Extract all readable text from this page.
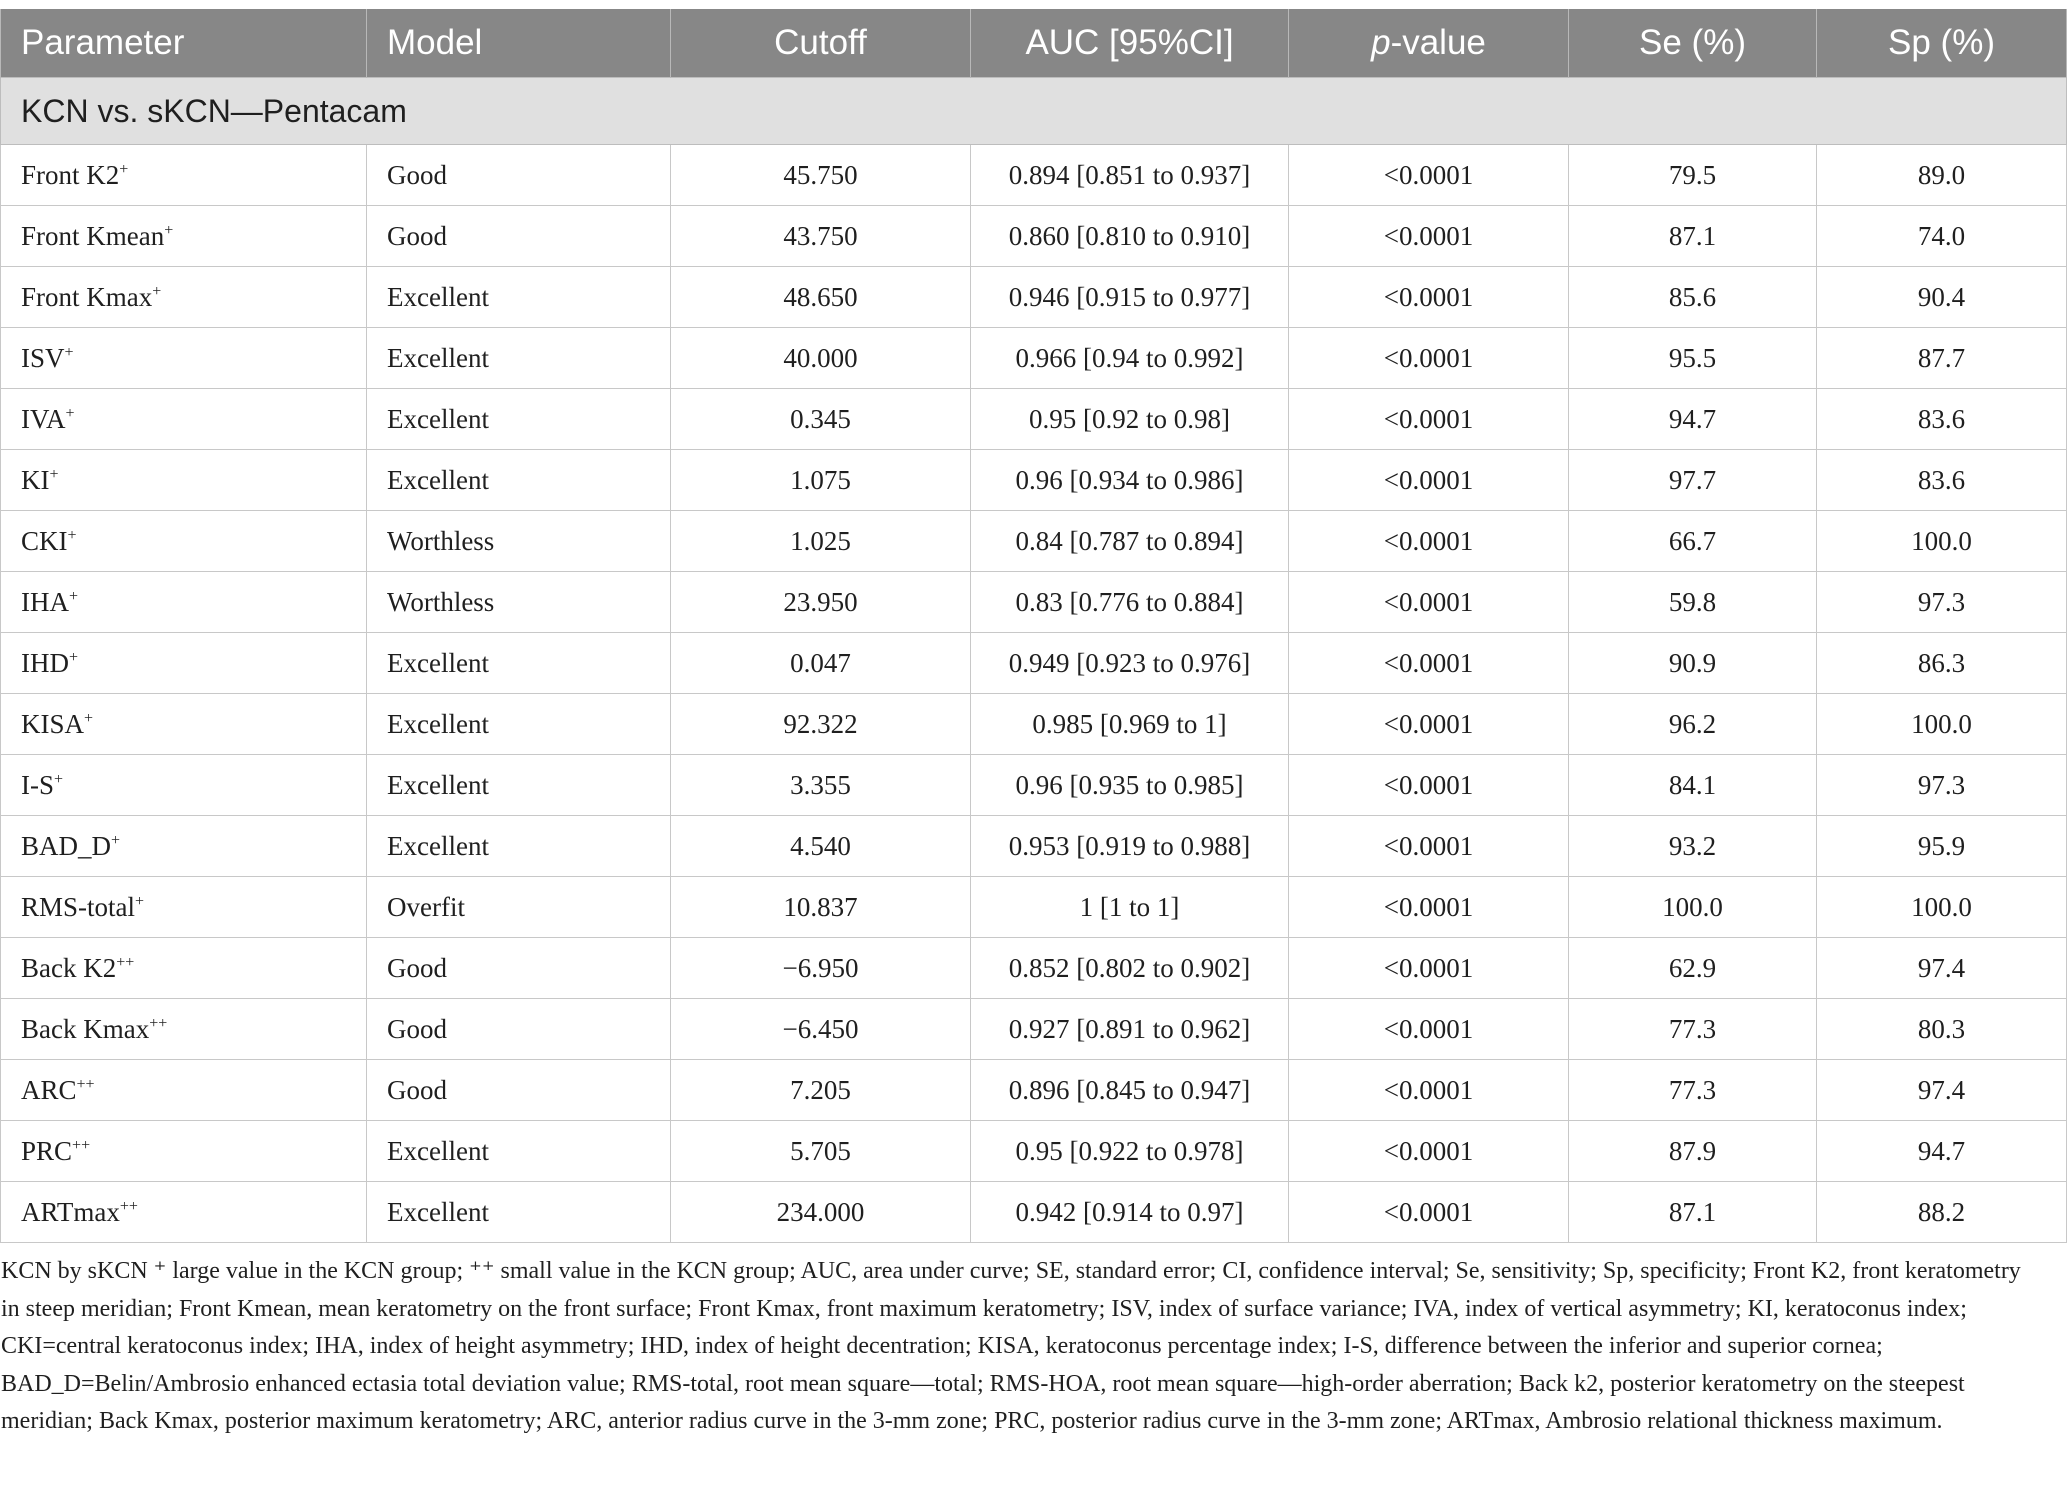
Parameter	Model	Cutoff	AUC [95%CI]	p-value	Se (%)	Sp (%)
KCN vs. sKCN—Pentacam						
Front K2+	Good	45.750	0.894 [0.851 to 0.937]	<0.0001	79.5	89.0
Front Kmean+	Good	43.750	0.860 [0.810 to 0.910]	<0.0001	87.1	74.0
Front Kmax+	Excellent	48.650	0.946 [0.915 to 0.977]	<0.0001	85.6	90.4
ISV+	Excellent	40.000	0.966 [0.94 to 0.992]	<0.0001	95.5	87.7
IVA+	Excellent	0.345	0.95 [0.92 to 0.98]	<0.0001	94.7	83.6
KI+	Excellent	1.075	0.96 [0.934 to 0.986]	<0.0001	97.7	83.6
CKI+	Worthless	1.025	0.84 [0.787 to 0.894]	<0.0001	66.7	100.0
IHA+	Worthless	23.950	0.83 [0.776 to 0.884]	<0.0001	59.8	97.3
IHD+	Excellent	0.047	0.949 [0.923 to 0.976]	<0.0001	90.9	86.3
KISA+	Excellent	92.322	0.985 [0.969 to 1]	<0.0001	96.2	100.0
I-S+	Excellent	3.355	0.96 [0.935 to 0.985]	<0.0001	84.1	97.3
BAD_D+	Excellent	4.540	0.953 [0.919 to 0.988]	<0.0001	93.2	95.9
RMS-total+	Overfit	10.837	1 [1 to 1]	<0.0001	100.0	100.0
Back K2++	Good	−6.950	0.852 [0.802 to 0.902]	<0.0001	62.9	97.4
Back Kmax++	Good	−6.450	0.927 [0.891 to 0.962]	<0.0001	77.3	80.3
ARC++	Good	7.205	0.896 [0.845 to 0.947]	<0.0001	77.3	97.4
PRC++	Excellent	5.705	0.95 [0.922 to 0.978]	<0.0001	87.9	94.7
ARTmax++	Excellent	234.000	0.942 [0.914 to 0.97]	<0.0001	87.1	88.2

KCN by sKCN ⁺ large value in the KCN group; ⁺⁺ small value in the KCN group; AUC, area under curve; SE, standard error; CI, confidence interval; Se, sensitivity; Sp, specificity; Front K2, front keratometry in steep meridian; Front Kmean, mean keratometry on the front surface; Front Kmax, front maximum keratometry; ISV, index of surface variance; IVA, index of vertical asymmetry; KI, keratoconus index; CKI=central keratoconus index; IHA, index of height asymmetry; IHD, index of height decentration; KISA, keratoconus percentage index; I-S, difference between the inferior and superior cornea; BAD_D=Belin/Ambrosio enhanced ectasia total deviation value; RMS-total, root mean square—total; RMS-HOA, root mean square—high-order aberration; Back k2, posterior keratometry on the steepest meridian; Back Kmax, posterior maximum keratometry; ARC, anterior radius curve in the 3-mm zone; PRC, posterior radius curve in the 3-mm zone; ARTmax, Ambrosio relational thickness maximum.
